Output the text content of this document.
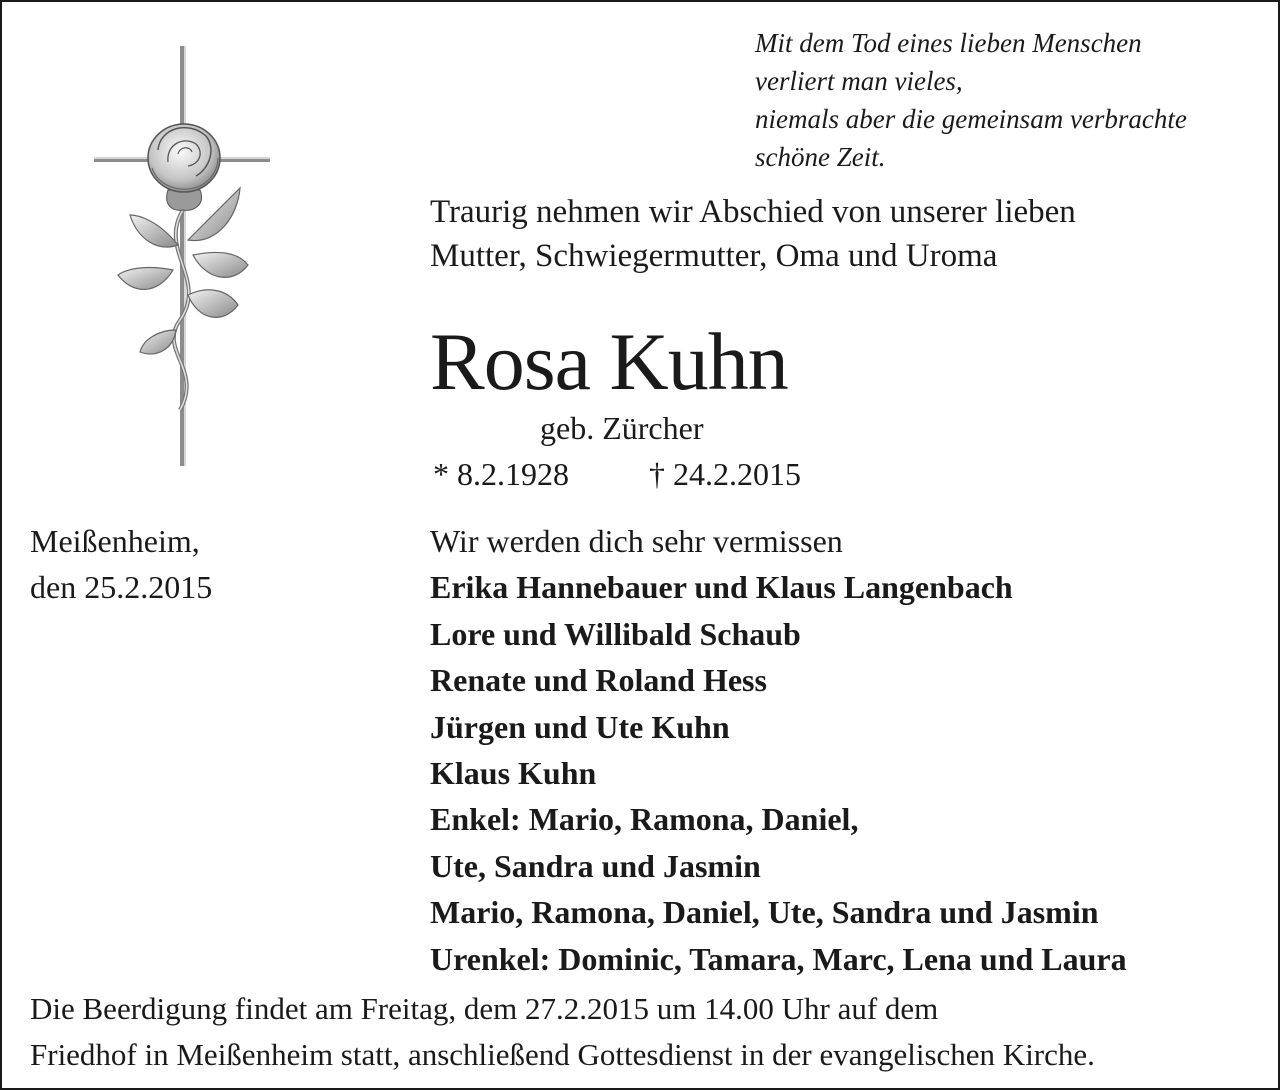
Mit dem Tod eines lieben Menschen
verliert man vieles,
niemals aber die gemeinsam verbrachte
schöne Zeit.
Traurig nehmen wir Abschied von unserer lieben
Mutter, Schwiegermutter, Oma und Uroma
Rosa Kuhn
geb. Zürcher
* 8.2.1928	† 24.2.2015
Meißenheim,
den 25.2.2015
Wir werden dich sehr vermissen
Erika Hannebauer und Klaus Langenbach
Lore und Willibald Schaub
Renate und Roland Hess
Jürgen und Ute Kuhn
Klaus Kuhn
Enkel: Mario, Ramona, Daniel,
Ute, Sandra und Jasmin
Mario, Ramona, Daniel, Ute, Sandra und Jasmin
Urenkel: Dominic, Tamara, Marc, Lena und Laura
Die Beerdigung findet am Freitag, dem 27.2.2015 um 14.00 Uhr auf dem
Friedhof in Meißenheim statt, anschließend Gottesdienst in der evangelischen Kirche.
